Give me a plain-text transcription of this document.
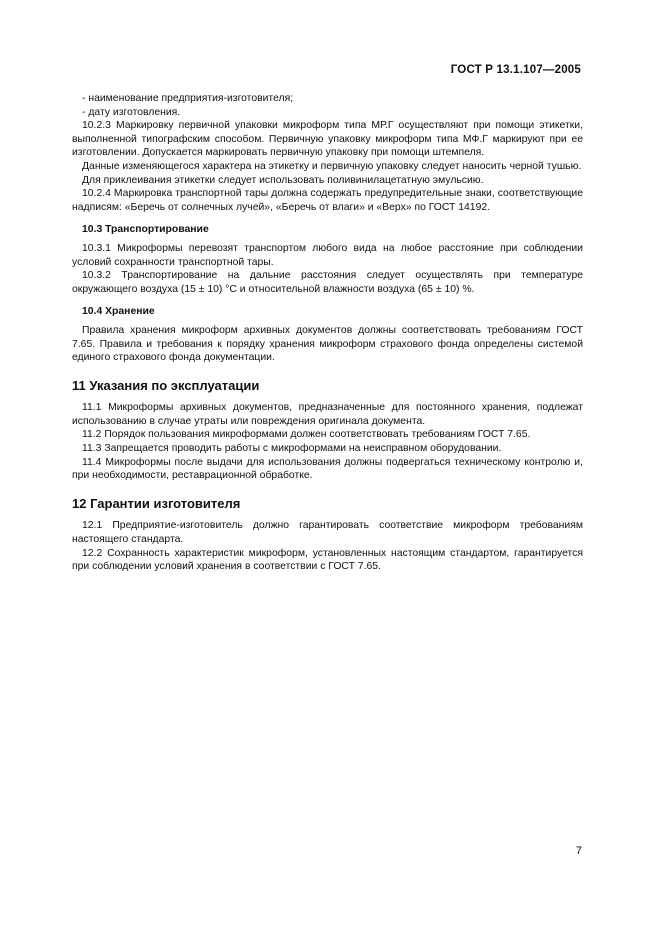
ГОСТ Р 13.1.107—2005

- наименование предприятия-изготовителя;

- дату изготовления.

10.2.3 Маркировку первичной упаковки микроформ типа МР.Г осуществляют при помощи этикетки, выполненной типографским способом. Первичную упаковку микроформ типа МФ.Г маркируют при ее изготовлении. Допускается маркировать первичную упаковку при помощи штемпеля.

Данные изменяющегося характера на этикетку и первичную упаковку следует наносить черной тушью.

Для приклеивания этикетки следует использовать поливинилацетатную эмульсию.

10.2.4 Маркировка транспортной тары должна содержать предупредительные знаки, соответствующие надписям: «Беречь от солнечных лучей», «Беречь от влаги» и «Верх» по ГОСТ 14192.

10.3 Транспортирование

10.3.1 Микроформы перевозят транспортом любого вида на любое расстояние при соблюдении условий сохранности транспортной тары.

10.3.2 Транспортирование на дальние расстояния следует осуществлять при температуре окружающего воздуха (15 ± 10) °С и относительной влажности воздуха (65 ± 10) %.

10.4 Хранение

Правила хранения микроформ архивных документов должны соответствовать требованиям ГОСТ 7.65. Правила и требования к порядку хранения микроформ страхового фонда определены системой единого страхового фонда документации.

11 Указания по эксплуатации

11.1 Микроформы архивных документов, предназначенные для постоянного хранения, подлежат использованию в случае утраты или повреждения оригинала документа.

11.2 Порядок пользования микроформами должен соответствовать требованиям ГОСТ 7.65.

11.3 Запрещается проводить работы с микроформами на неисправном оборудовании.

11.4 Микроформы после выдачи для использования должны подвергаться техническому контролю и, при необходимости, реставрационной обработке.

12 Гарантии изготовителя

12.1 Предприятие-изготовитель должно гарантировать соответствие микроформ требованиям настоящего стандарта.

12.2 Сохранность характеристик микроформ, установленных настоящим стандартом, гарантируется при соблюдении условий хранения в соответствии с ГОСТ 7.65.

7
